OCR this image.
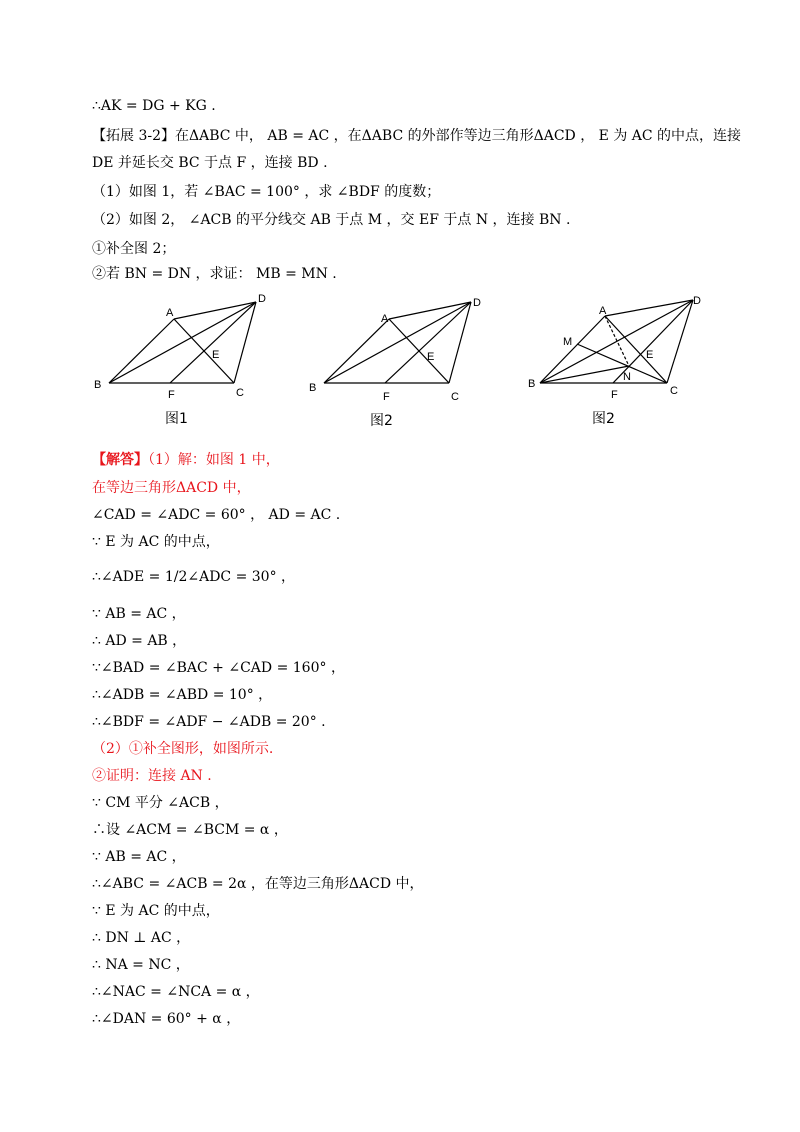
∴AK = DG + KG .
【拓展 3-2】在ΔABC 中， AB = AC ，在ΔABC 的外部作等边三角形ΔACD ， E 为 AC 的中点，连接
DE 并延长交 BC 于点 F ，连接 BD .
（1）如图 1，若 ∠BAC = 100° ，求 ∠BDF 的度数；
（2）如图 2， ∠ACB 的平分线交 AB 于点 M ，交 EF 于点 N ，连接 BN .
①补全图 2；
②若 BN = DN ，求证： MB = MN .
A
B
C
D
E
F
图1
A
B
C
D
E
F
图2
A
B
C
D
E
F
M
N
图2
【解答】（1）解：如图 1 中，
在等边三角形ΔACD 中，
∠CAD = ∠ADC = 60° ， AD = AC .
∵ E 为 AC 的中点，
∴∠ADE = 1/2∠ADC = 30° ，
∵ AB = AC ，
∴ AD = AB ，
∵∠BAD = ∠BAC + ∠CAD = 160° ，
∴∠ADB = ∠ABD = 10° ，
∴∠BDF = ∠ADF − ∠ADB = 20° .
（2）①补全图形，如图所示.
②证明：连接 AN .
∵ CM 平分 ∠ACB ，
∴设 ∠ACM = ∠BCM = α ，
∵ AB = AC ，
∴∠ABC = ∠ACB = 2α ，在等边三角形ΔACD 中，
∵ E 为 AC 的中点，
∴ DN ⊥ AC ，
∴ NA = NC ，
∴∠NAC = ∠NCA = α ，
∴∠DAN = 60° + α ，
